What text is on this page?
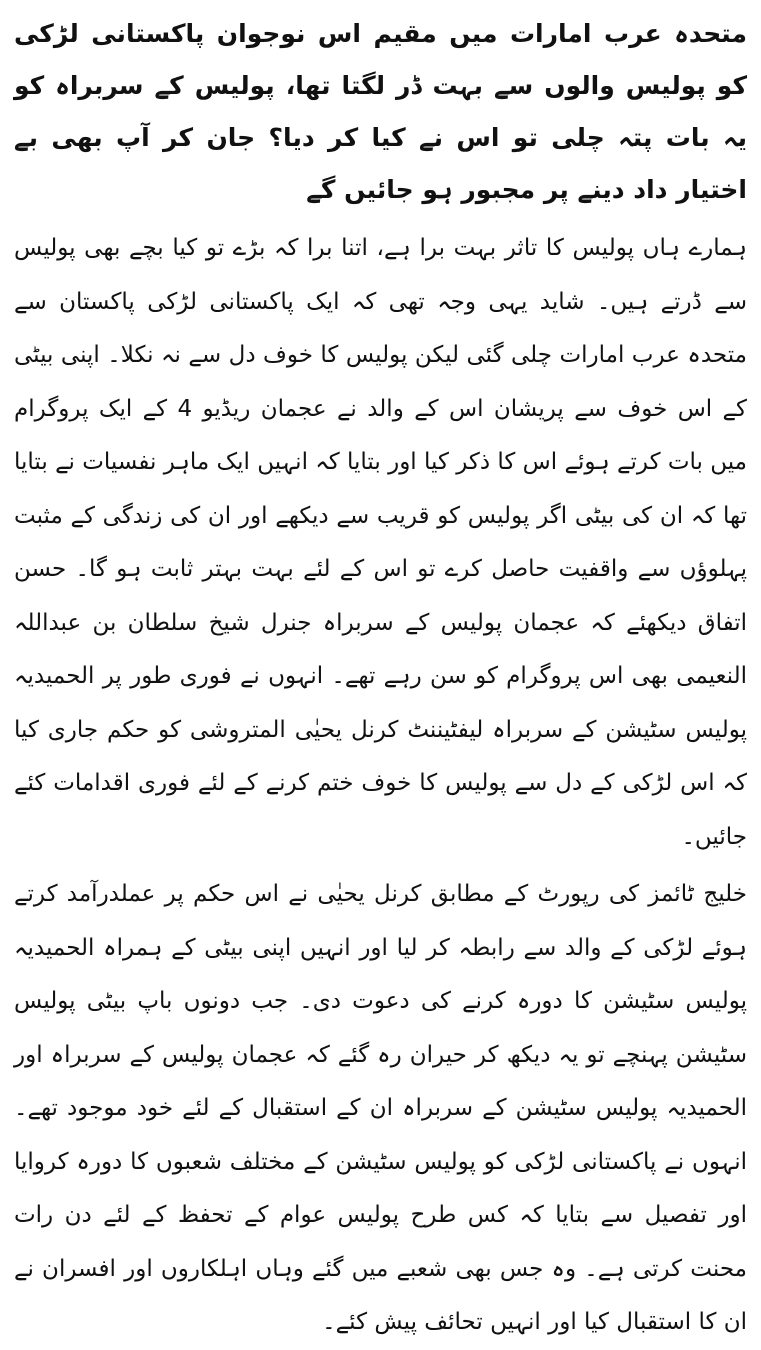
متحدہ عرب امارات میں مقیم اس نوجوان پاکستانی لڑکی کو پولیس والوں سے بہت ڈر لگتا تھا، پولیس کے سربراہ کو یہ بات پتہ چلی تو اس نے کیا کر دیا؟ جان کر آپ بھی بے اختیار داد دینے پر مجبور ہو جائیں گے

ہمارے ہاں پولیس کا تاثر بہت برا ہے، اتنا برا کہ بڑے تو کیا بچے بھی پولیس سے ڈرتے ہیں۔ شاید یہی وجہ تھی کہ ایک پاکستانی لڑکی پاکستان سے متحدہ عرب امارات چلی گئی لیکن پولیس کا خوف دل سے نہ نکلا۔ اپنی بیٹی کے اس خوف سے پریشان اس کے والد نے عجمان ریڈیو 4 کے ایک پروگرام میں بات کرتے ہوئے اس کا ذکر کیا اور بتایا کہ انہیں ایک ماہر نفسیات نے بتایا تھا کہ ان کی بیٹی اگر پولیس کو قریب سے دیکھے اور ان کی زندگی کے مثبت پہلوؤں سے واقفیت حاصل کرے تو اس کے لئے بہت بہتر ثابت ہو گا۔ حسن اتفاق دیکھئے کہ عجمان پولیس کے سربراہ جنرل شیخ سلطان بن عبداللہ النعیمی بھی اس پروگرام کو سن رہے تھے۔ انہوں نے فوری طور پر الحمیدیہ پولیس سٹیشن کے سربراہ لیفٹیننٹ کرنل یحیٰی المتروشی کو حکم جاری کیا کہ اس لڑکی کے دل سے پولیس کا خوف ختم کرنے کے لئے فوری اقدامات کئے جائیں۔

خلیج ٹائمز کی رپورٹ کے مطابق کرنل یحیٰی نے اس حکم پر عملدرآمد کرتے ہوئے لڑکی کے والد سے رابطہ کر لیا اور انہیں اپنی بیٹی کے ہمراہ الحمیدیہ پولیس سٹیشن کا دورہ کرنے کی دعوت دی۔ جب دونوں باپ بیٹی پولیس سٹیشن پہنچے تو یہ دیکھ کر حیران رہ گئے کہ عجمان پولیس کے سربراہ اور الحمیدیہ پولیس سٹیشن کے سربراہ ان کے استقبال کے لئے خود موجود تھے۔ انہوں نے پاکستانی لڑکی کو پولیس سٹیشن کے مختلف شعبوں کا دورہ کروایا اور تفصیل سے بتایا کہ کس طرح پولیس عوام کے تحفظ کے لئے دن رات محنت کرتی ہے۔ وہ جس بھی شعبے میں گئے وہاں اہلکاروں اور افسران نے ان کا استقبال کیا اور انہیں تحائف پیش کئے۔
